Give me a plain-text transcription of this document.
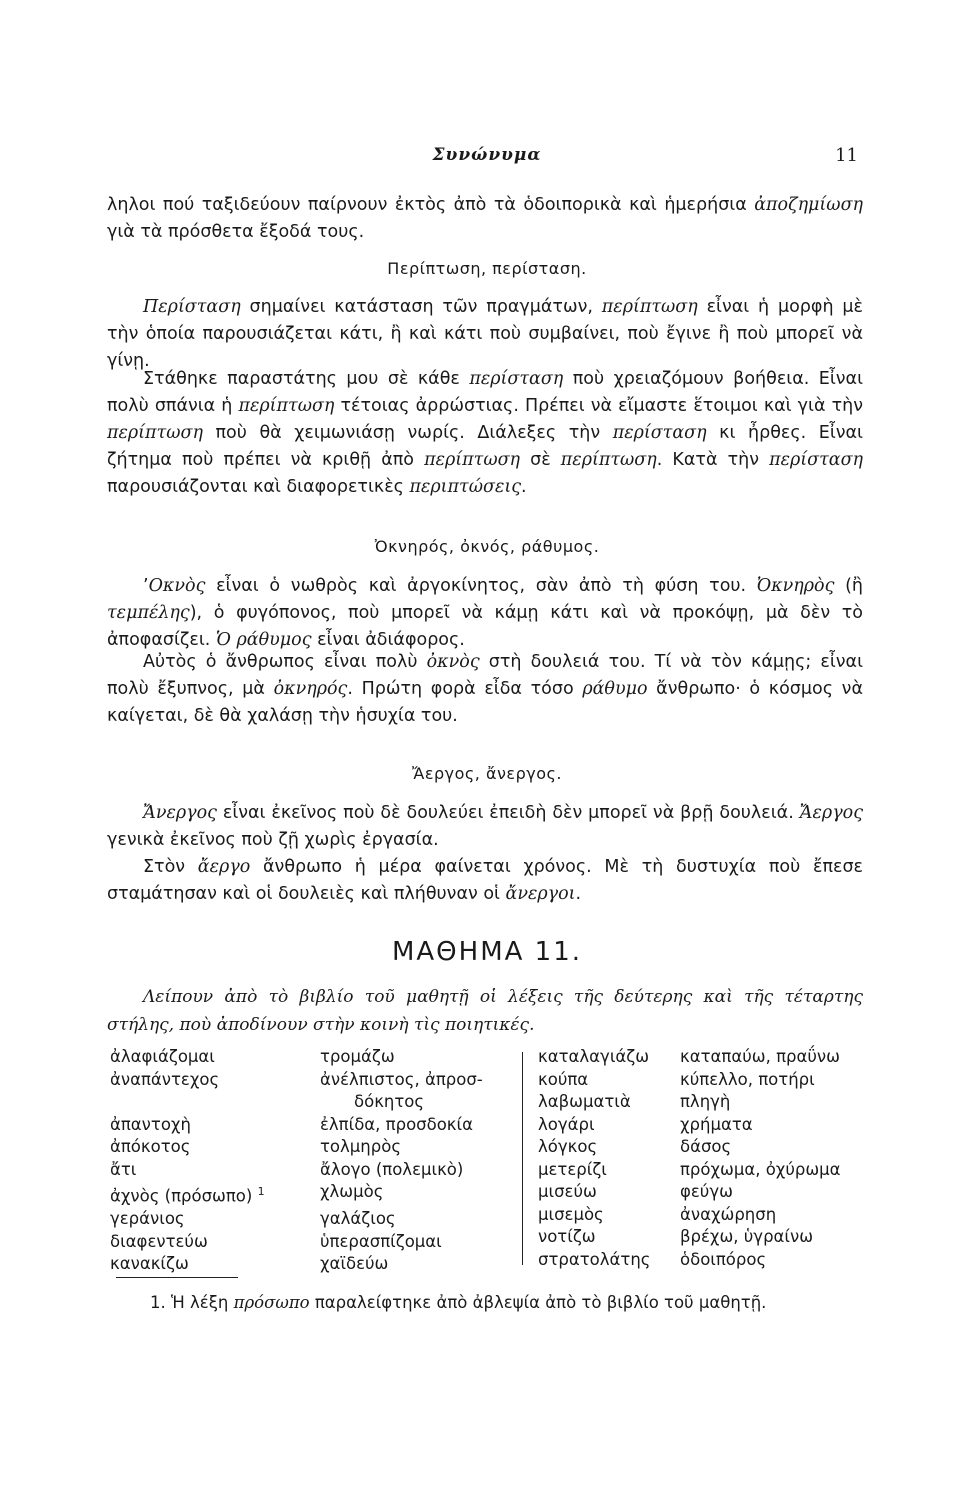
Συνώνυμα	11

ληλοι πού ταξιδεύουν παίρνουν ἐκτὸς ἀπὸ τὰ ὁδοιπορικὰ καὶ ἡμερήσια ἀποζημίωση γιὰ τὰ πρόσθετα ἔξοδά τους.

Περίπτωση, περίσταση.

Περίσταση σημαίνει κατάσταση τῶν πραγμάτων, περίπτωση εἶναι ἡ μορφὴ μὲ τὴν ὁποία παρουσιάζεται κάτι, ἢ καὶ κάτι ποὺ συμβαίνει, ποὺ ἔγινε ἢ ποὺ μπορεῖ νὰ γίνῃ.

Στάθηκε παραστάτης μου σὲ κάθε περίσταση ποὺ χρειαζόμουν βοήθεια. Εἶναι πολὺ σπάνια ἡ περίπτωση τέτοιας ἀρρώστιας. Πρέπει νὰ εἴμαστε ἕτοιμοι καὶ γιὰ τὴν περίπτωση ποὺ θὰ χειμωνιάσῃ νωρίς. Διάλεξες τὴν περίσταση κι ἦρθες. Εἶναι ζήτημα ποὺ πρέπει νὰ κριθῇ ἀπὸ περίπτωση σὲ περίπτωση. Κατὰ τὴν περίσταση παρουσιάζονται καὶ διαφορετικὲς περιπτώσεις.

Ὀκνηρός, ὀκνός, ράθυμος.

’Οκνὸς εἶναι ὁ νωθρὸς καὶ ἀργοκίνητος, σὰν ἀπὸ τὴ φύση του. Ὀκνηρὸς (ἢ τεμπέλης), ὁ φυγόπονος, ποὺ μπορεῖ νὰ κάμῃ κάτι καὶ νὰ προκόψῃ, μὰ δὲν τὸ ἀποφασίζει. Ὁ ράθυμος εἶναι ἀδιάφορος.

Αὐτὸς ὁ ἄνθρωπος εἶναι πολὺ ὀκνὸς στὴ δουλειά του. Τί νὰ τὸν κάμῃς; εἶναι πολὺ ἔξυπνος, μὰ ὀκνηρός. Πρώτη φορὰ εἶδα τόσο ράθυμο ἄνθρωπο· ὁ κόσμος νὰ καίγεται, δὲ θὰ χαλάσῃ τὴν ἡσυχία του.

Ἄεργος, ἄνεργος.

Ἄνεργος εἶναι ἐκεῖνος ποὺ δὲ δουλεύει ἐπειδὴ δὲν μπορεῖ νὰ βρῇ δουλειά. Ἄεργος γενικὰ ἐκεῖνος ποὺ ζῇ χωρὶς ἐργασία.

Στὸν ἄεργο ἄνθρωπο ἡ μέρα φαίνεται χρόνος. Μὲ τὴ δυστυχία ποὺ ἔπεσε σταμάτησαν καὶ οἱ δουλειὲς καὶ πλήθυναν οἱ ἄνεργοι.

ΜΑΘΗΜΑ 11.
Λείπουν ἀπὸ τὸ βιβλίο τοῦ μαθητῇ οἱ λέξεις τῆς δεύτερης καὶ τῆς τέταρτης στήλης, ποὺ ἀποδίνουν στὴν κοινὴ τὶς ποιητικές.
ἀλαφιάζομαι	τρομάζω
ἀναπάντεχος	ἀνέλπιστος, ἀπροσ-
δόκητος
ἀπαντοχὴ	ἐλπίδα, προσδοκία
ἀπόκοτος	τολμηρὸς
ἄτι	ἄλογο (πολεμικὸ)
ἀχνὸς (πρόσωπο) $^1$	χλωμὸς
γεράνιος	γαλάζιος
διαφεντεύω	ὑπερασπίζομαι
κανακίζω	χαϊδεύω
καταλαγιάζω	καταπαύω, πραΰνω
κούπα	κύπελλο, ποτήρι
λαβωματιὰ	πληγὴ
λογάρι	χρήματα
λόγκος	δάσος
μετερίζι	πρόχωμα, ὀχύρωμα
μισεύω	φεύγω
μισεμὸς	ἀναχώρηση
νοτίζω	βρέχω, ὑγραίνω
στρατολάτης	ὁδοιπόρος
1. Ἡ λέξη πρόσωπο παραλείφτηκε ἀπὸ ἀβλεψία ἀπὸ τὸ βιβλίο τοῦ μαθητῇ.
